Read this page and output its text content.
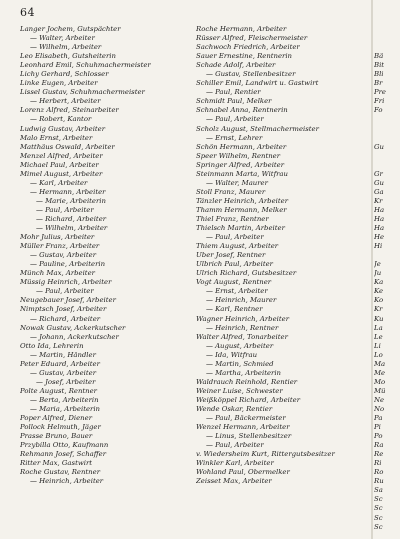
64
Langer Jochem, Gutspächter
— Walter, Arbeiter
— Wilhelm, Arbeiter
Leo Elisabeth, Gutsheiterin
Leonhard Emil, Schuhmachermeister
Lichy Gerhard, Schlosser
Linke Eugen, Arbeiter
Lissel Gustav, Schuhmachermeister
— Herbert, Arbeiter
Lorenz Alfred, Steinarbeiter
— Robert, Kantor
Ludwig Gustav, Arbeiter
Malo Ernst, Arbeiter
Matthäus Oswald, Arbeiter
Menzel Alfred, Arbeiter
Michael Paul, Arbeiter
Mimel August, Arbeiter
— Karl, Arbeiter
— Hermann, Arbeiter
— Marie, Arbeiterin
— Paul, Arbeiter
— Richard, Arbeiter
— Wilhelm, Arbeiter
Mohr Julius, Arbeiter
Müller Franz, Arbeiter
— Gustav, Arbeiter
— Pauline, Arbeiterin
Münch Max, Arbeiter
Müssig Heinrich, Arbeiter
— Paul, Arbeiter
Neugebauer Josef, Arbeiter
Nimptsch Josef, Arbeiter
— Richard, Arbeiter
Nowak Gustav, Ackerkutscher
— Johann, Ackerkutscher
Otto Ida, Lehrerin
— Martin, Händler
Peter Eduard, Arbeiter
— Gustav, Arbeiter
— Josef, Arbeiter
Polte August, Rentner
— Berta, Arbeiterin
— Maria, Arbeiterin
Poper Alfred, Diener
Pollock Helmuth, Jäger
Prasse Bruno, Bauer
Przybilla Otto, Kaufmann
Rehmann Josef, Schaffer
Ritter Max, Gastwirt
Roche Gustav, Rentner
— Heinrich, Arbeiter
Roche Hermann, Arbeiter
Rüsser Alfred, Fleischermeister
Sachwoch Friedrich, Arbeiter
Sauer Ernestine, Rentnerin
Schade Adolf, Arbeiter
— Gustav, Stellenbesitzer
Schiller Emil, Landwirt u. Gastwirt
— Paul, Rentier
Schmidt Paul, Melker
Schnabel Anna, Rentnerin
— Paul, Arbeiter
Scholz August, Stellmachermeister
— Ernst, Lehrer
Schön Hermann, Arbeiter
Speer Wilhelm, Rentner
Springer Alfred, Arbeiter
Steinmann Marta, Witfrau
— Walter, Maurer
Stoll Franz, Maurer
Tänzler Heinrich, Arbeiter
Thamm Hermann, Melker
Thiel Franz, Rentner
Thielsch Martin, Arbeiter
— Paul, Arbeiter
Thiem August, Arbeiter
Uber Josef, Rentner
Ulbrich Paul, Arbeiter
Ulrich Richard, Gutsbesitzer
Vogt August, Rentner
— Ernst, Arbeiter
— Heinrich, Maurer
— Karl, Rentner
Wagner Heinrich, Arbeiter
— Heinrich, Rentner
Walter Alfred, Tonarbeiter
— August, Arbeiter
— Ida, Witfrau
— Martin, Schmied
— Martha, Arbeiterin
Waldrauch Reinhold, Rentier
Weiner Luise, Schwester
Weißköppel Richard, Arbeiter
Wende Oskar, Rentier
— Paul, Bäckermeister
Wenzel Hermann, Arbeiter
— Linus, Stellenbesitzer
— Paul, Arbeiter
v. Wiedersheim Kurt, Rittergutsbesitzer
Winkler Karl, Arbeiter
Wohland Paul, Obermelker
Zeisset Max, Arbeiter
Bä
Bit
Bli
Br
Pre
Fri
Fo
Gu
Gr
Gu
Ga
Kr
Ha
Ha
Ha
He
Hi
Je
Ju
Ka
Ke
Ko
Kr
Ku
La
Le
Li
Lo
Ma
Me
Mo
Mü
Ne
No
Pa
Pi
Po
Ra
Re
Ri
Ro
Ru
Sa
Sc
Sc
Sc
Sc
